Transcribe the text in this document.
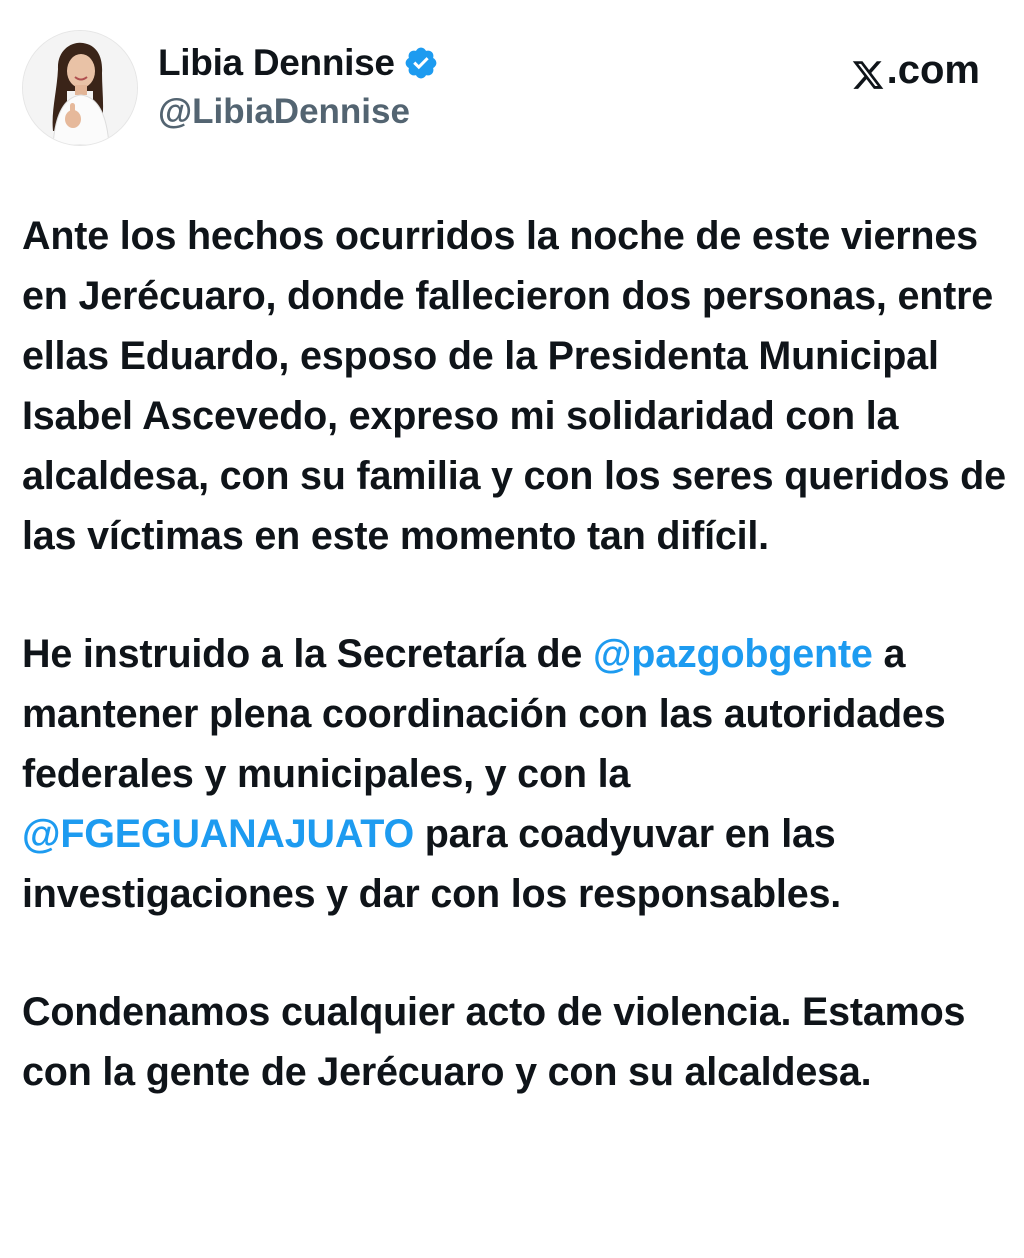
Libia Dennise
@LibiaDennise
.com

Ante los hechos ocurridos la noche de este viernes en Jerécuaro, donde fallecieron dos personas, entre ellas Eduardo, esposo de la Presidenta Municipal Isabel Ascevedo, expreso mi solidaridad con la alcaldesa, con su familia y con los seres queridos de las víctimas en este momento tan difícil.

He instruido a la Secretaría de @pazgobgente a mantener plena coordinación con las autoridades federales y municipales, y con la @FGEGUANAJUATO para coadyuvar en las investigaciones y dar con los responsables.

Condenamos cualquier acto de violencia. Estamos con la gente de Jerécuaro y con su alcaldesa.
